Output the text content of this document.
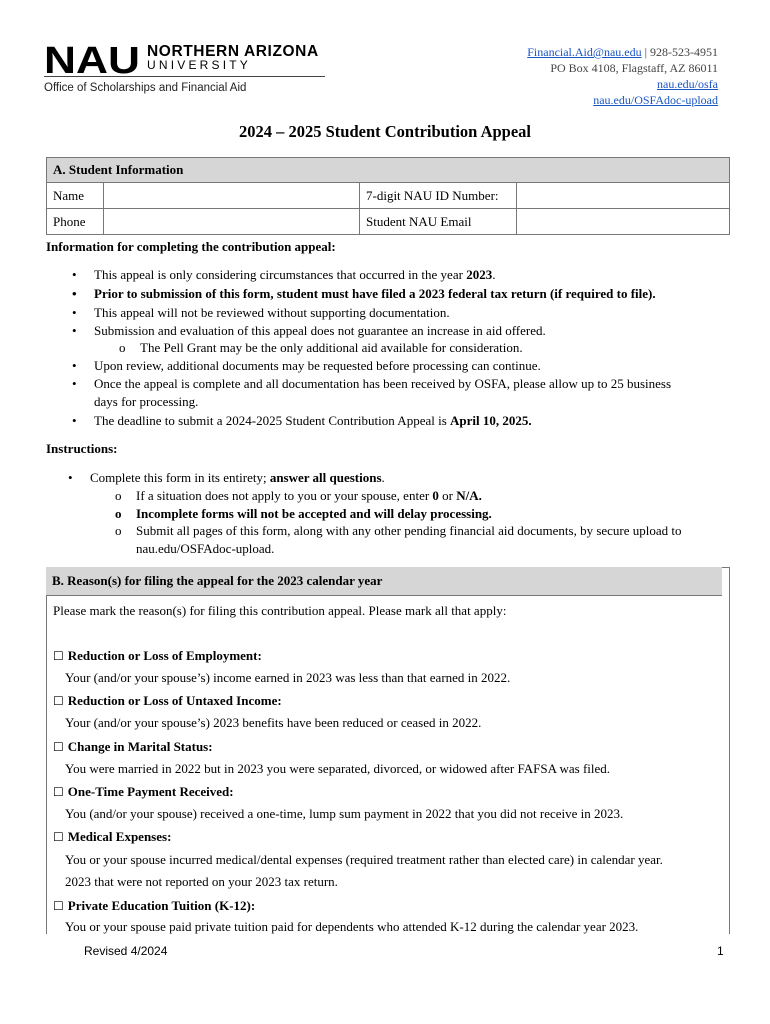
NAU NORTHERN ARIZONA
UNIVERSITY
Office of Scholarships and Financial Aid
Financial.Aid@nau.edu | 928-523-4951
PO Box 4108, Flagstaff, AZ 86011
nau.edu/osfa
nau.edu/OSFAdoc-upload
2024 – 2025 Student Contribution Appeal
A. Student Information			
Name		7-digit NAU ID Number:	
Phone		Student NAU Email	
Information for completing the contribution appeal:
• This appeal is only considering circumstances that occurred in the year 2023.
• Prior to submission of this form, student must have filed a 2023 federal tax return (if required to file).
• This appeal will not be reviewed without supporting documentation.
• Submission and evaluation of this appeal does not guarantee an increase in aid offered.
o The Pell Grant may be the only additional aid available for consideration.
• Upon review, additional documents may be requested before processing can continue.
• Once the appeal is complete and all documentation has been received by OSFA, please allow up to 25 business
days for processing.
• The deadline to submit a 2024-2025 Student Contribution Appeal is April 10, 2025.
Instructions:
• Complete this form in its entirety; answer all questions.
o If a situation does not apply to you or your spouse, enter 0 or N/A.
o Incomplete forms will not be accepted and will delay processing.
o Submit all pages of this form, along with any other pending financial aid documents, by secure upload to
nau.edu/OSFAdoc-upload.
B. Reason(s) for filing the appeal for the 2023 calendar year
Please mark the reason(s) for filing this contribution appeal. Please mark all that apply:
☐ Reduction or Loss of Employment:
Your (and/or your spouse’s) income earned in 2023 was less than that earned in 2022.
☐ Reduction or Loss of Untaxed Income:
Your (and/or your spouse’s) 2023 benefits have been reduced or ceased in 2022.
☐ Change in Marital Status:
You were married in 2022 but in 2023 you were separated, divorced, or widowed after FAFSA was filed.
☐ One-Time Payment Received:
You (and/or your spouse) received a one-time, lump sum payment in 2022 that you did not receive in 2023.
☐ Medical Expenses:
You or your spouse incurred medical/dental expenses (required treatment rather than elected care) in calendar year.
2023 that were not reported on your 2023 tax return.
☐ Private Education Tuition (K-12):
You or your spouse paid private tuition paid for dependents who attended K-12 during the calendar year 2023.
Revised 4/2024	1
